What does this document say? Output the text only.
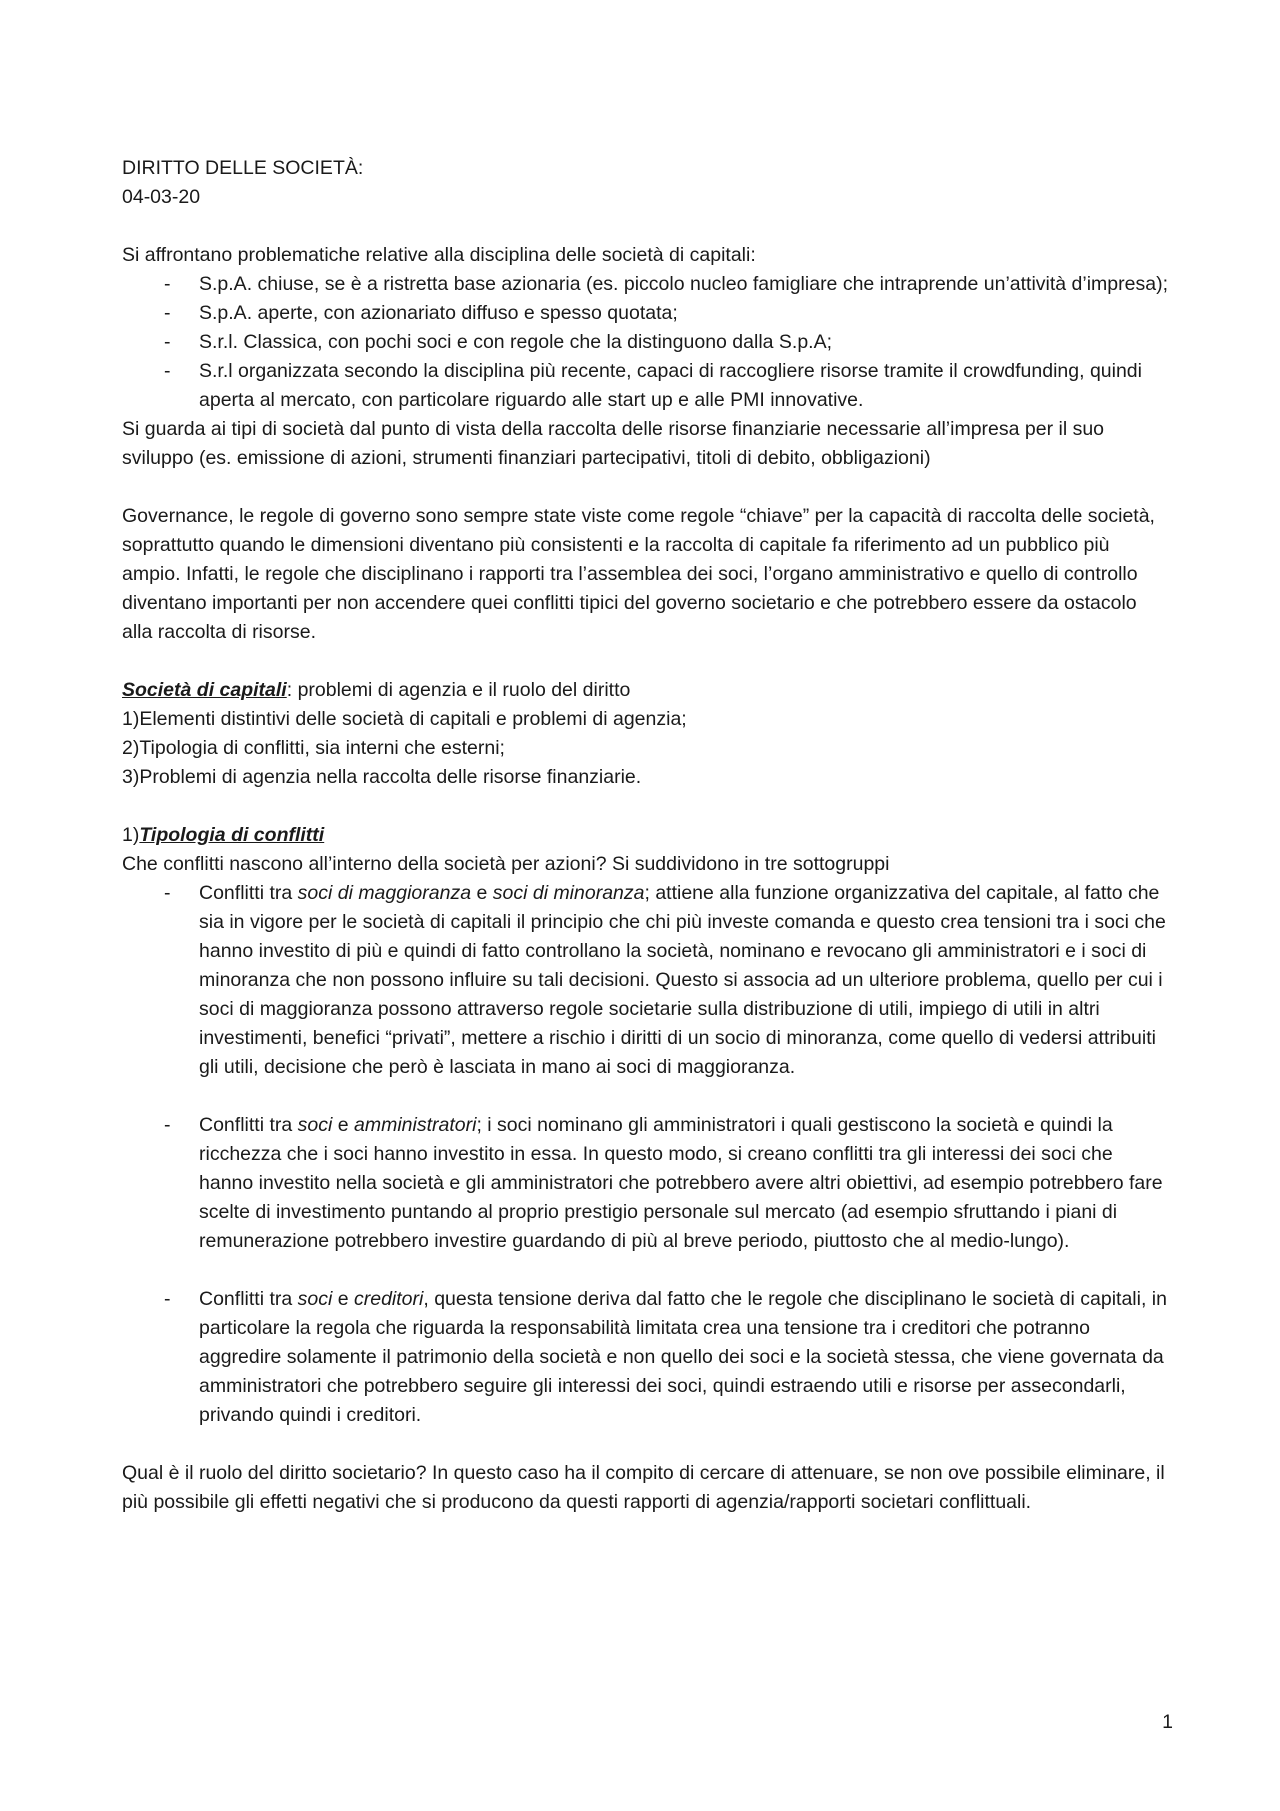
DIRITTO DELLE SOCIETÀ:

04-03-20

Si affrontano problematiche relative alla disciplina delle società di capitali:

- S.p.A. chiuse, se è a ristretta base azionaria (es. piccolo nucleo famigliare che intraprende un’attività d’impresa);
- S.p.A. aperte, con azionariato diffuso e spesso quotata;
- S.r.l. Classica, con pochi soci e con regole che la distinguono dalla S.p.A;
- S.r.l organizzata secondo la disciplina più recente, capaci di raccogliere risorse tramite il crowdfunding, quindi aperta al mercato, con particolare riguardo alle start up e alle PMI innovative.

Si guarda ai tipi di società dal punto di vista della raccolta delle risorse finanziarie necessarie all’impresa per il suo sviluppo (es. emissione di azioni, strumenti finanziari partecipativi, titoli di debito, obbligazioni)

Governance, le regole di governo sono sempre state viste come regole “chiave” per la capacità di raccolta delle società, soprattutto quando le dimensioni diventano più consistenti e la raccolta di capitale fa riferimento ad un pubblico più ampio. Infatti, le regole che disciplinano i rapporti tra l’assemblea dei soci, l’organo amministrativo e quello di controllo diventano importanti per non accendere quei conflitti tipici del governo societario e che potrebbero essere da ostacolo alla raccolta di risorse.

Società di capitali: problemi di agenzia e il ruolo del diritto

1)Elementi distintivi delle società di capitali e problemi di agenzia;

2)Tipologia di conflitti, sia interni che esterni;

3)Problemi di agenzia nella raccolta delle risorse finanziarie.

1)Tipologia di conflitti

Che conflitti nascono all’interno della società per azioni? Si suddividono in tre sottogruppi

- Conflitti tra soci di maggioranza e soci di minoranza; attiene alla funzione organizzativa del capitale, al fatto che sia in vigore per le società di capitali il principio che chi più investe comanda e questo crea tensioni tra i soci che hanno investito di più e quindi di fatto controllano la società, nominano e revocano gli amministratori e i soci di minoranza che non possono influire su tali decisioni. Questo si associa ad un ulteriore problema, quello per cui i soci di maggioranza possono attraverso regole societarie sulla distribuzione di utili, impiego di utili in altri investimenti, benefici “privati”, mettere a rischio i diritti di un socio di minoranza, come quello di vedersi attribuiti gli utili, decisione che però è lasciata in mano ai soci di maggioranza.
- Conflitti tra soci e amministratori; i soci nominano gli amministratori i quali gestiscono la società e quindi la ricchezza che i soci hanno investito in essa. In questo modo, si creano conflitti tra gli interessi dei soci che hanno investito nella società e gli amministratori che potrebbero avere altri obiettivi, ad esempio potrebbero fare scelte di investimento puntando al proprio prestigio personale sul mercato (ad esempio sfruttando i piani di remunerazione potrebbero investire guardando di più al breve periodo, piuttosto che al medio-lungo).
- Conflitti tra soci e creditori, questa tensione deriva dal fatto che le regole che disciplinano le società di capitali, in particolare la regola che riguarda la responsabilità limitata crea una tensione tra i creditori che potranno aggredire solamente il patrimonio della società e non quello dei soci e la società stessa, che viene governata da amministratori che potrebbero seguire gli interessi dei soci, quindi estraendo utili e risorse per assecondarli, privando quindi i creditori.

Qual è il ruolo del diritto societario? In questo caso ha il compito di cercare di attenuare, se non ove possibile eliminare, il più possibile gli effetti negativi che si producono da questi rapporti di agenzia/rapporti societari conflittuali.

1
